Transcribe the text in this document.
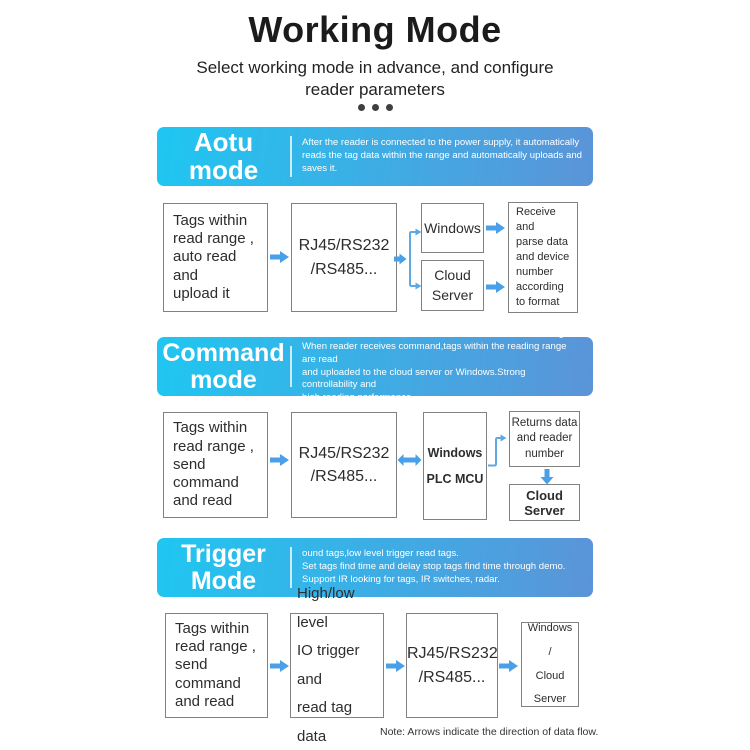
Working Mode
Select working mode in advance, and configure
reader parameters
Aotu mode
After the reader is connected to the power supply, it automatically
reads the tag data within the range and automatically uploads and
saves it.
Tags within
read range ,
auto read and
upload it
RJ45/RS232
/RS485...
Windows
Cloud
Server
Receive and
parse data
and device
number
according
to format
Command
mode
Reader is in the intranet, and Windows or PLC MCU is arranged.
When reader receives command,tags within the reading range are read
and uploaded to the cloud server or Windows.Strong controllability and
high reading performance
Tags within
read range ,
send command
and read
RJ45/RS232
/RS485...
Windows
PLC MCU
Returns data
and reader
number
Cloud Server
Trigger
Mode
ound tags,low level trigger read tags.
Set tags find time and delay stop tags find time through demo.
Support IR looking for tags, IR switches, radar.
Tags within
read range ,
send
command
and read
High/low level
IO trigger and
read tag data
RJ45/RS232
/RS485...
Windows
/
Cloud Server
Note: Arrows indicate the direction of data flow.
